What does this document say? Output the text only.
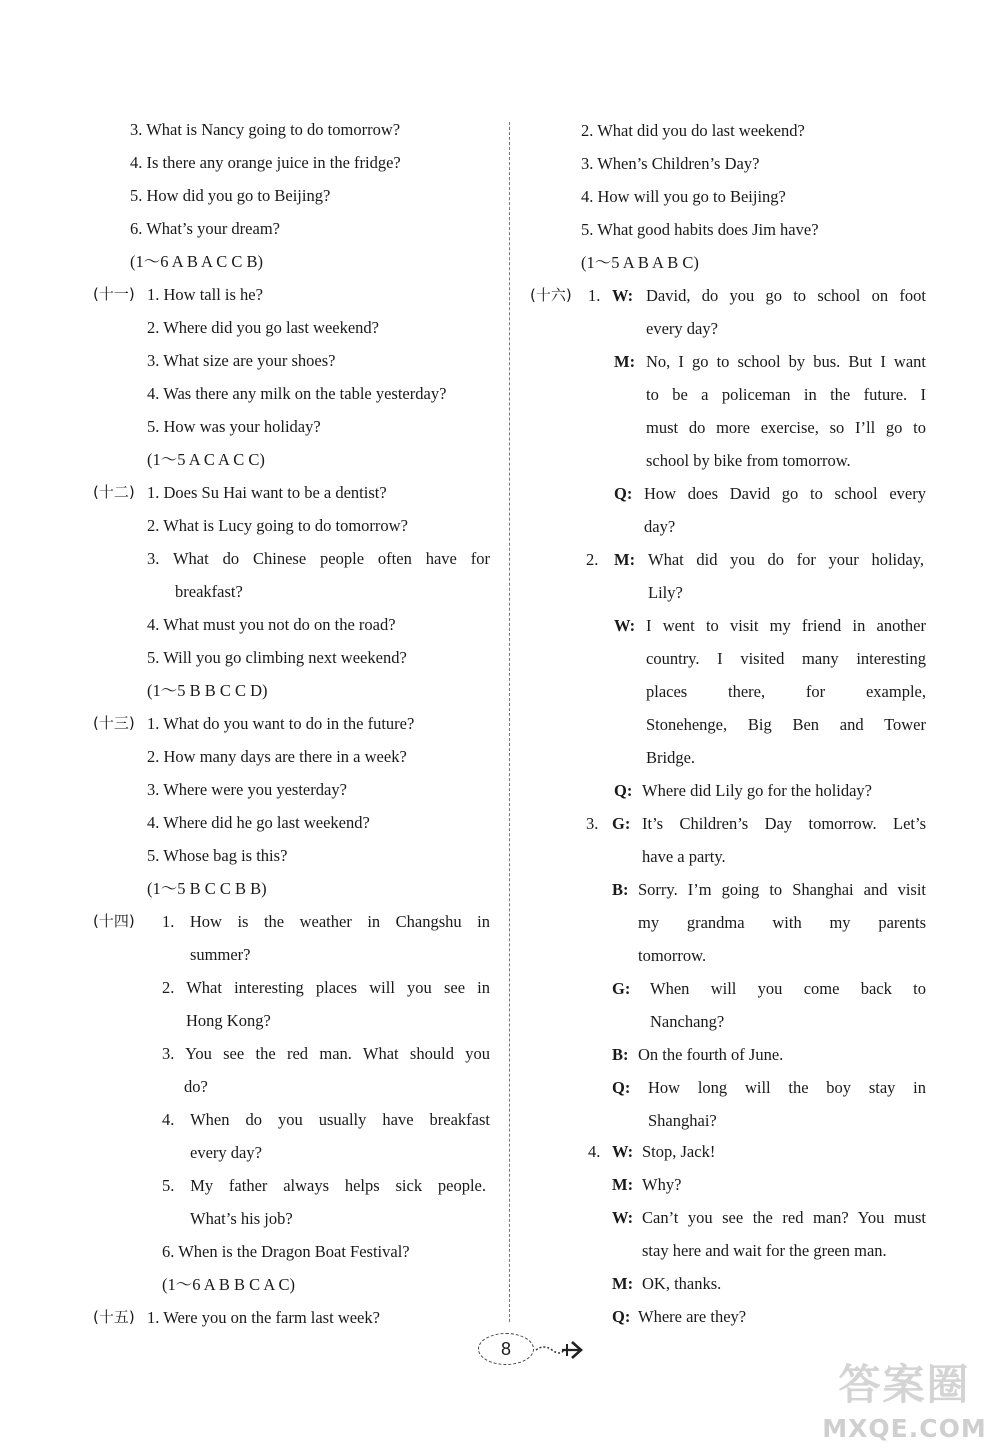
3. What is Nancy going to do tomorrow?
4. Is there any orange juice in the fridge?
5. How did you go to Beijing?
6. What’s your dream?
(1～6 A B A C C B)
(十一) 1. How tall is he?
2. Where did you go last weekend?
3. What size are your shoes?
4. Was there any milk on the table yesterday?
5. How was your holiday?
(1～5 A C A C C)
(十二) 1. Does Su Hai want to be a dentist?
2. What is Lucy going to do tomorrow?
3. What do Chinese people often have for
breakfast?
4. What must you not do on the road?
5. Will you go climbing next weekend?
(1～5 B B C C D)
(十三) 1. What do you want to do in the future?
2. How many days are there in a week?
3. Where were you yesterday?
4. Where did he go last weekend?
5. Whose bag is this?
(1～5 B C C B B)
(十四) 1. How is the weather in Changshu in
summer?
2. What interesting places will you see in
Hong Kong?
3. You see the red man. What should you
do?
4. When do you usually have breakfast
every day?
5. My father always helps sick people.
What’s his job?
6. When is the Dragon Boat Festival?
(1～6 A B B C A C)
(十五) 1. Were you on the farm last week?
2. What did you do last weekend?
3. When’s Children’s Day?
4. How will you go to Beijing?
5. What good habits does Jim have?
(1～5 A B A B C)
(十六) 1. W: David, do you go to school on foot
every day?
M: No, I go to school by bus. But I want
to be a policeman in the future. I
must do more exercise, so I’ll go to
school by bike from tomorrow.
Q: How does David go to school every
day?
2. M: What did you do for your holiday,
Lily?
W: I went to visit my friend in another
country. I visited many interesting
places there, for example,
Stonehenge, Big Ben and Tower
Bridge.
Q: Where did Lily go for the holiday?
3. G: It’s Children’s Day tomorrow. Let’s
have a party.
B: Sorry. I’m going to Shanghai and visit
my grandma with my parents
tomorrow.
G: When will you come back to
Nanchang?
B: On the fourth of June.
Q: How long will the boy stay in
Shanghai?
4. W: Stop, Jack!
M: Why?
W: Can’t you see the red man? You must
stay here and wait for the green man.
M: OK, thanks.
Q: Where are they?
8
答案圈
MXQE.COM
